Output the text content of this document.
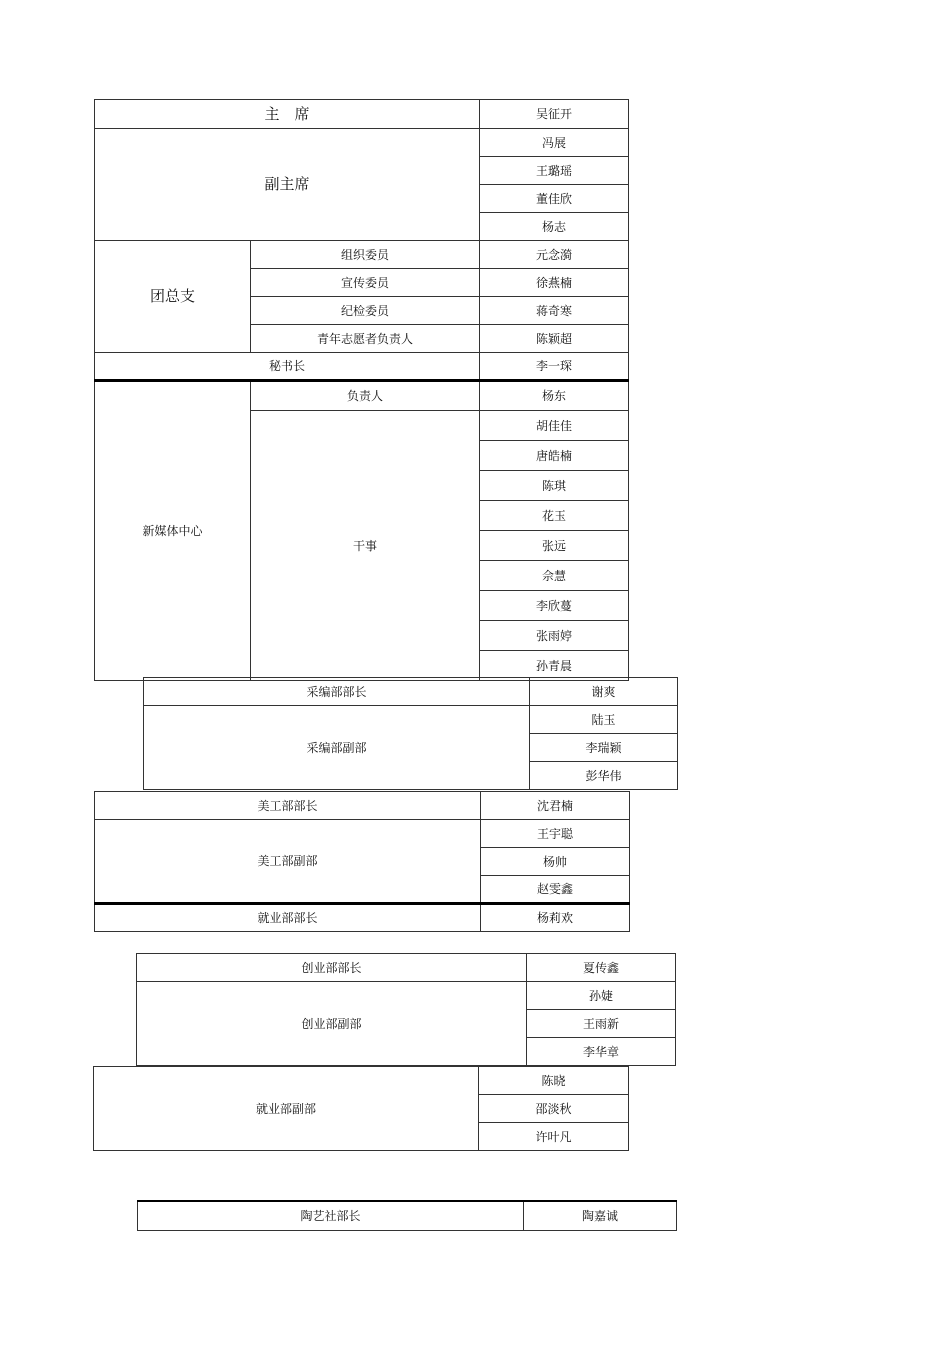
主　席		吴征开
副主席		冯展
		王璐瑶
		董佳欣
		杨志
团总支	组织委员	元念漪
	宣传委员	徐燕楠
	纪检委员	蒋奇寒
	青年志愿者负责人	陈颖超
秘书长		李一琛
新媒体中心	负责人	杨东
	干事	胡佳佳
		唐皓楠
		陈琪
		花玉
		张远
		佘慧
		李欣蔓
		张雨婷
		孙青晨
采编部部长	谢爽
采编部副部	陆玉
	李瑞颖
	彭华伟
美工部部长	沈君楠
美工部副部	王宇聪
	杨帅
	赵雯鑫
就业部部长	杨莉欢
创业部部长	夏传鑫
创业部副部	孙婕
	王雨新
	李华章
就业部副部	陈晓
邵淡秋
许叶凡
陶艺社部长	陶嘉诚
